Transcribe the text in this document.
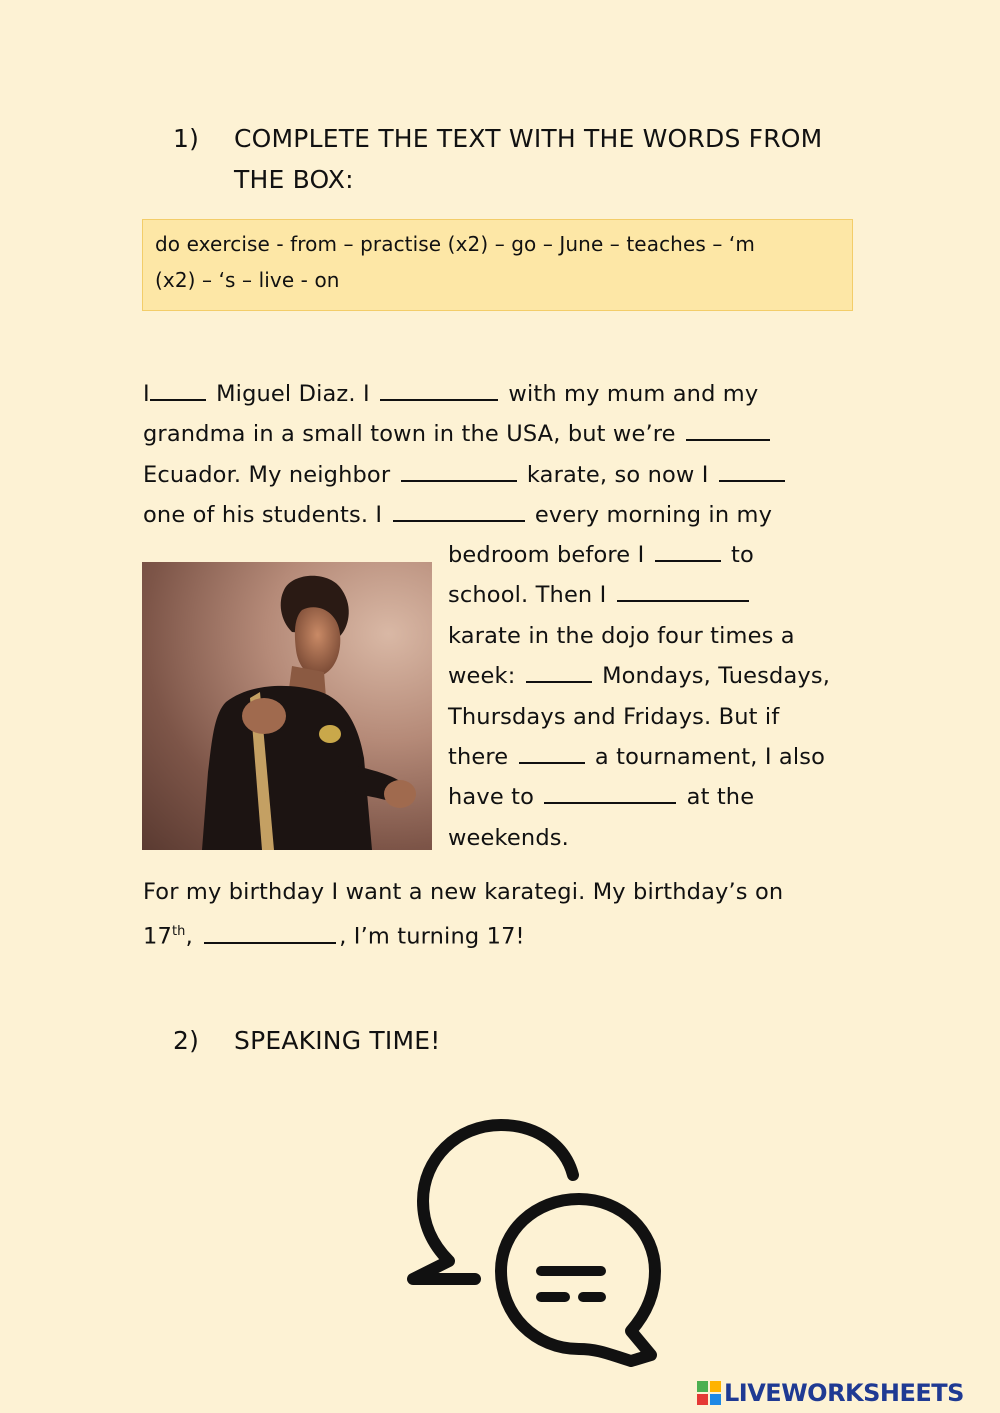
1) COMPLETE THE TEXT WITH THE WORDS FROM THE BOX:
do exercise - from – practise (x2) – go – June – teaches – ‘m
(x2) – ‘s – live - on
I	Miguel Diaz. I	with my mum and my
grandma in a small town in the USA, but we’re
Ecuador. My neighbor	karate, so now I
one of his students. I	every morning in my
bedroom before I	to
school. Then I
karate in the dojo four times a
week:	Mondays, Tuesdays,
Thursdays and Fridays. But if
there	a tournament, I also
have to	at the
weekends.
For my birthday I want a new karategi. My birthday’s on
17th,	, I’m turning 17!
2) SPEAKING TIME!
LIVEWORKSHEETS
